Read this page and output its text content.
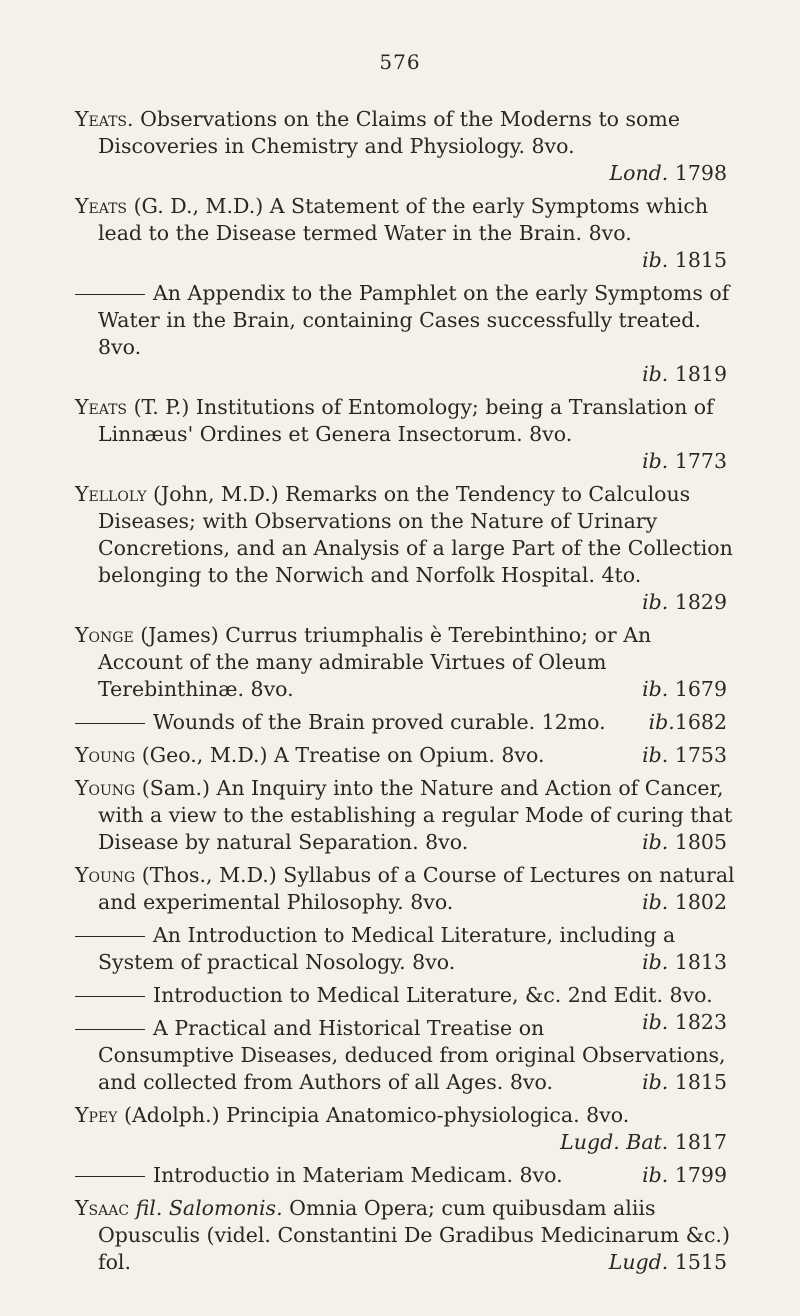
576
Yeats. Observations on the Claims of the Moderns to some Discoveries in Chemistry and Physiology. 8vo.
Lond. 1798
Yeats (G. D., M.D.) A Statement of the early Symptoms which lead to the Disease termed Water in the Brain. 8vo.
ib. 1815
An Appendix to the Pamphlet on the early Symptoms of Water in the Brain, containing Cases successfully treated. 8vo.
ib. 1819
Yeats (T. P.) Institutions of Entomology; being a Translation of Linnæus' Ordines et Genera Insectorum. 8vo.
ib. 1773
Yelloly (John, M.D.) Remarks on the Tendency to Calculous Diseases; with Observations on the Nature of Urinary Concretions, and an Analysis of a large Part of the Collection belonging to the Norwich and Norfolk Hospital. 4to.
ib. 1829
Yonge (James) Currus triumphalis è Terebinthino; or An Account of the many admirable Virtues of Oleum Terebinthinæ. 8vo.	ib. 1679
Wounds of the Brain proved curable. 12mo. ib.1682
Young (Geo., M.D.) A Treatise on Opium. 8vo.	ib. 1753
Young (Sam.) An Inquiry into the Nature and Action of Cancer, with a view to the establishing a regular Mode of curing that Disease by natural Separation. 8vo.	ib. 1805
Young (Thos., M.D.) Syllabus of a Course of Lectures on natural and experimental Philosophy. 8vo.	ib. 1802
An Introduction to Medical Literature, including a System of practical Nosology. 8vo.	ib. 1813
Introduction to Medical Literature, &c. 2nd Edit. 8vo.
ib. 1823
A Practical and Historical Treatise on Consumptive Diseases, deduced from original Observations, and collected from Authors of all Ages. 8vo.	ib. 1815
Ypey (Adolph.) Principia Anatomico-physiologica. 8vo.
Lugd. Bat. 1817
Introductio in Materiam Medicam. 8vo.	ib. 1799
Ysaac fil. Salomonis. Omnia Opera; cum quibusdam aliis Opusculis (videl. Constantini De Gradibus Medicinarum &c.) fol.	Lugd. 1515
